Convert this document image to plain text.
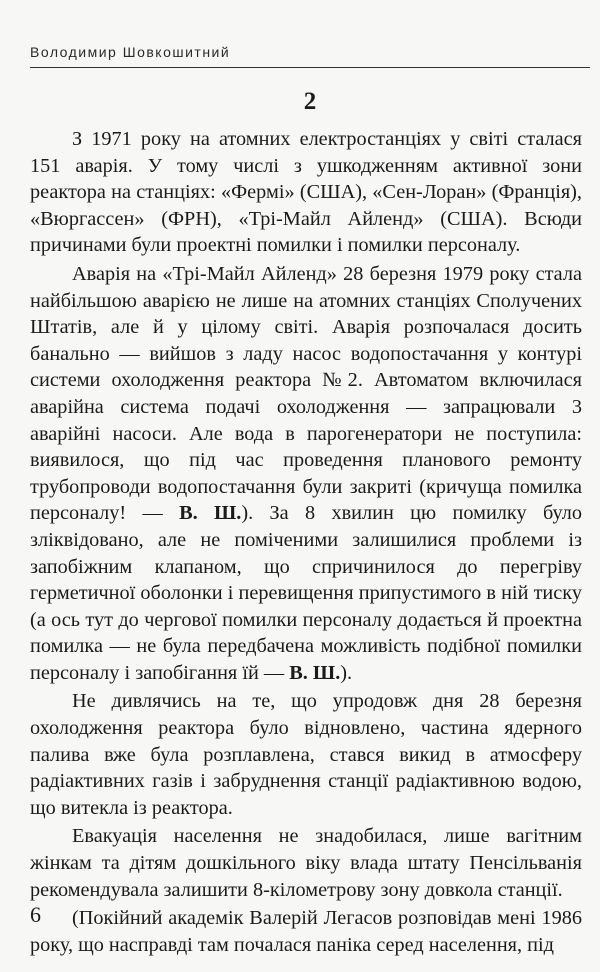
Володимир Шовкошитний
2

З 1971 року на атомних електростанціях у світі сталася 151 аварія. У тому числі з ушкодженням активної зони реактора на станціях: «Фермі» (США), «Сен-Лоран» (Франція), «Вюргассен» (ФРН), «Трі-Майл Айленд» (США). Всюди причинами були проектні помилки і помилки персоналу.

Аварія на «Трі-Майл Айленд» 28 березня 1979 року стала найбільшою аварією не лише на атомних станціях Сполучених Штатів, але й у цілому світі. Аварія розпочалася досить банально — вийшов з ладу насос водопостачання у контурі системи охолодження реактора №2. Автоматом включилася аварійна система подачі охолодження — запрацювали 3 аварійні насоси. Але вода в парогенератори не поступила: виявилося, що під час проведення планового ремонту трубопроводи водопостачання були закриті (кричуща помилка персоналу! — В. Ш.). За 8 хвилин цю помилку було зліквідовано, але не поміченими залишилися проблеми із запобіжним клапаном, що спричинилося до перегріву герметичної оболонки і перевищення припустимого в ній тиску (а ось тут до чергової помилки персоналу додається й проектна помилка — не була передбачена можливість подібної помилки персоналу і запобігання їй — В. Ш.).

Не дивлячись на те, що упродовж дня 28 березня охолодження реактора було відновлено, частина ядерного палива вже була розплавлена, стався викид в атмосферу радіактивних газів і забруднення станції радіактивною водою, що витекла із реактора.

Евакуація населення не знадобилася, лише вагітним жінкам та дітям дошкільного віку влада штату Пенсільванія рекомендувала залишити 8-кілометрову зону довкола станції.

(Покійний академік Валерій Легасов розповідав мені 1986 року, що насправді там почалася паніка серед населення, під

6
